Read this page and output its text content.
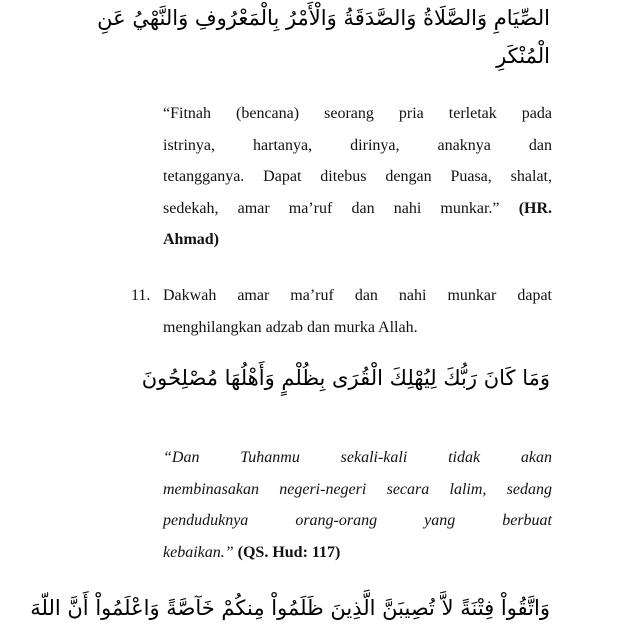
الصِّيَامِ وَالصَّلَاةُ وَالصَّدَقَةُ وَالْأَمْرُ بِالْمَعْرُوفِ وَالنَّهْيُ عَنِ
الْمُنْكَرِ
“Fitnah (bencana) seorang pria terletak pada
istrinya, hartanya, dirinya, anaknya dan
tetangganya. Dapat ditebus dengan Puasa, shalat,
sedekah, amar ma’ruf dan nahi munkar.” (HR.
Ahmad)
11. Dakwah amar ma’ruf dan nahi munkar dapat
menghilangkan adzab dan murka Allah.
وَمَا كَانَ رَبُّكَ لِيُهْلِكَ الْقُرَى بِظُلْمٍ وَأَهْلُهَا مُصْلِحُونَ
“Dan Tuhanmu sekali-kali tidak akan
membinasakan negeri-negeri secara lalim, sedang
penduduknya orang-orang yang berbuat
kebaikan.” (QS. Hud: 117)
وَاتَّقُواْ فِتْنَةً لاَّ تُصِيبَنَّ الَّذِينَ ظَلَمُواْ مِنكُمْ خَآصَّةً وَاعْلَمُواْ أَنَّ اللّهَ
